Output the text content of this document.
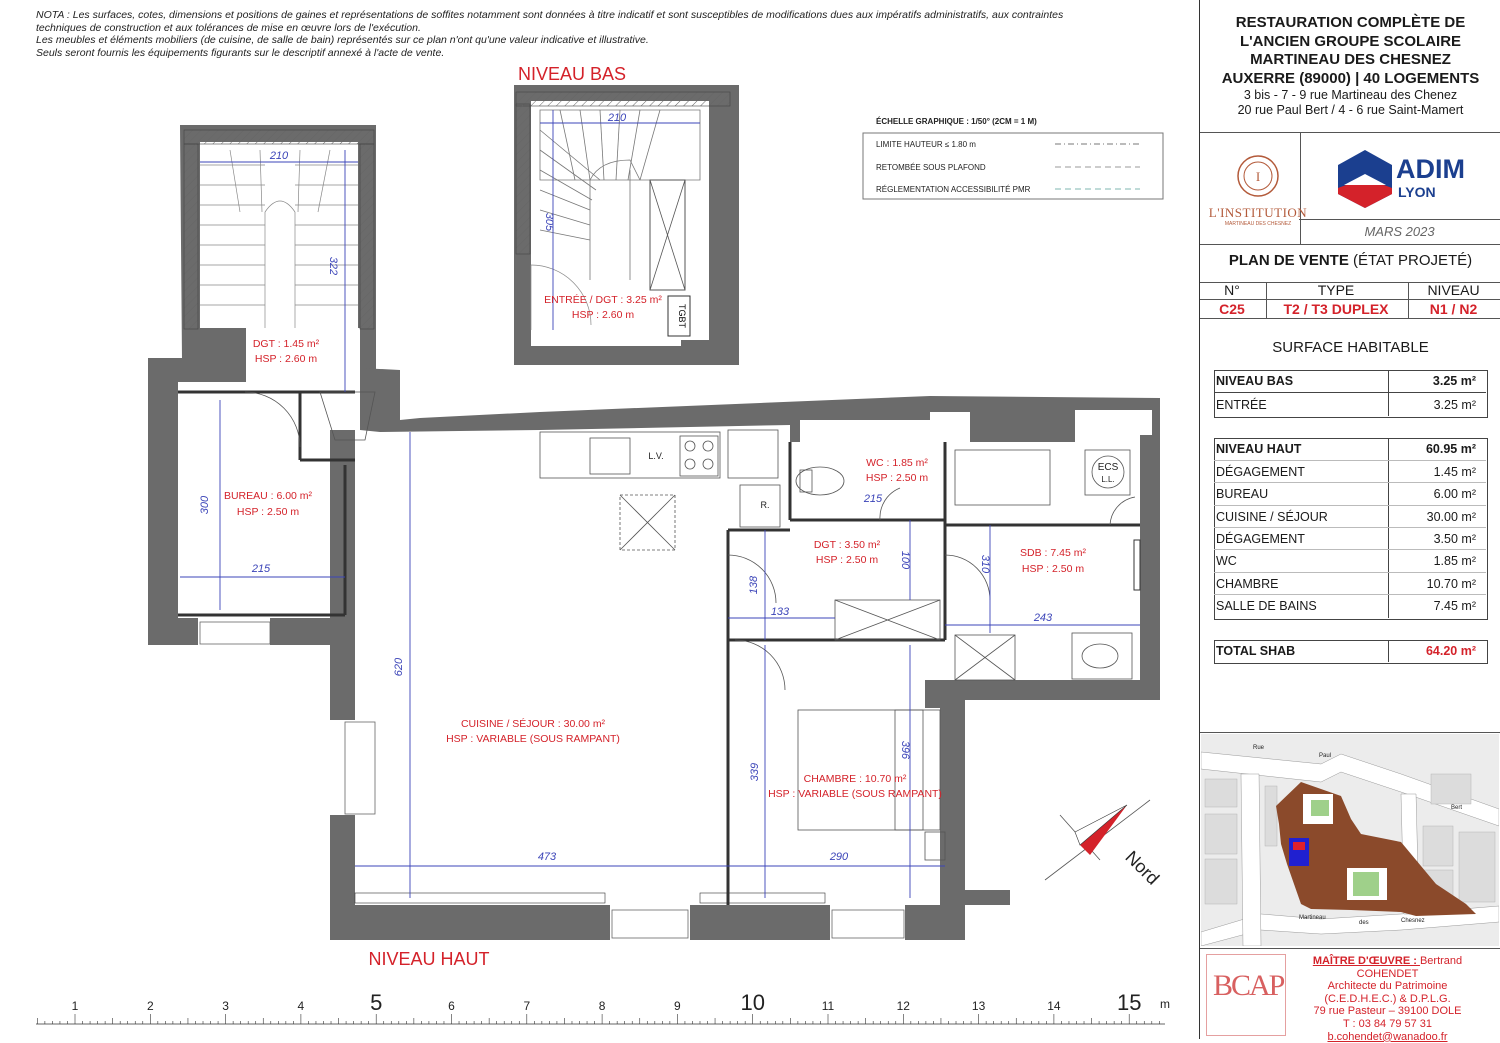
NOTA : Les surfaces, cotes, dimensions et positions de gaines et représentations de soffites notamment sont données à titre indicatif et sont susceptibles de modifications dues aux impératifs administratifs, aux contraintes
techniques de construction et aux tolérances de mise en œuvre lors de l'exécution.
Les meubles et éléments mobiliers (de cuisine, de salle de bain) représentés sur ce plan n'ont qu'une valeur indicative et illustrative.
Seuls seront fournis les équipements figurants sur le descriptif annexé à l'acte de vente.
TGBT
210
322
210
305
300
215
620
215
138
133
100	310
243
339
396
473	290
ENTRÉE / DGT : 3.25 m²
HSP : 2.60 m
DGT : 1.45 m²
HSP : 2.60 m
BUREAU : 6.00 m²
HSP : 2.50 m
CUISINE / SÉJOUR : 30.00 m²
HSP : VARIABLE (SOUS RAMPANT)
WC : 1.85 m²
HSP : 2.50 m
DGT : 3.50 m²
HSP : 2.50 m
SDB : 7.45 m²
HSP : 2.50 m
CHAMBRE : 10.70 m²
HSP : VARIABLE (SOUS RAMPANT)
L.V.
R.
ECS
L.L.
NIVEAU BAS
NIVEAU HAUT
ÉCHELLE GRAPHIQUE : 1/50° (2CM = 1 M)
LIMITE HAUTEUR ≤ 1.80 m
RETOMBÉE SOUS PLAFOND
RÉGLEMENTATION ACCESSIBILITÉ PMR
Nord
1	2	3	4	5	6	7	8	9	10	11	12	13	14	15 m
RESTAURATION COMPLÈTE DE
L'ANCIEN GROUPE SCOLAIRE
MARTINEAU DES CHESNEZ
AUXERRE (89000) | 40 LOGEMENTS
3 bis - 7 - 9 rue Martineau des Chenez
20 rue Paul Bert / 4 - 6 rue Saint-Mamert
PLAN DE VENTE (ÉTAT PROJETÉ)
SURFACE HABITABLE
I
L'INSTITUTION
MARTINEAU DES CHESNEZ
ADIM
LYON
MARS 2023
N°	TYPE	NIVEAU
C25	T2 / T3 DUPLEX	N1 / N2
NIVEAU BAS	3.25 m²
ENTRÉE	3.25 m²
NIVEAU HAUT	60.95 m²
DÉGAGEMENT	1.45 m²
BUREAU	6.00 m²
CUISINE / SÉJOUR	30.00 m²
DÉGAGEMENT	3.50 m²
WC	1.85 m²
CHAMBRE	10.70 m²
SALLE DE BAINS	7.45 m²
TOTAL SHAB	64.20 m²
Rue
Paul
Bert
Martineau
des	Chesnez
BCAP
MAÎTRE D'ŒUVRE : Bertrand COHENDET
Architecte du Patrimoine
(C.E.D.H.E.C.) & D.P.L.G.
79 rue Pasteur – 39100 DOLE
T : 03 84 79 57 31
b.cohendet@wanadoo.fr
